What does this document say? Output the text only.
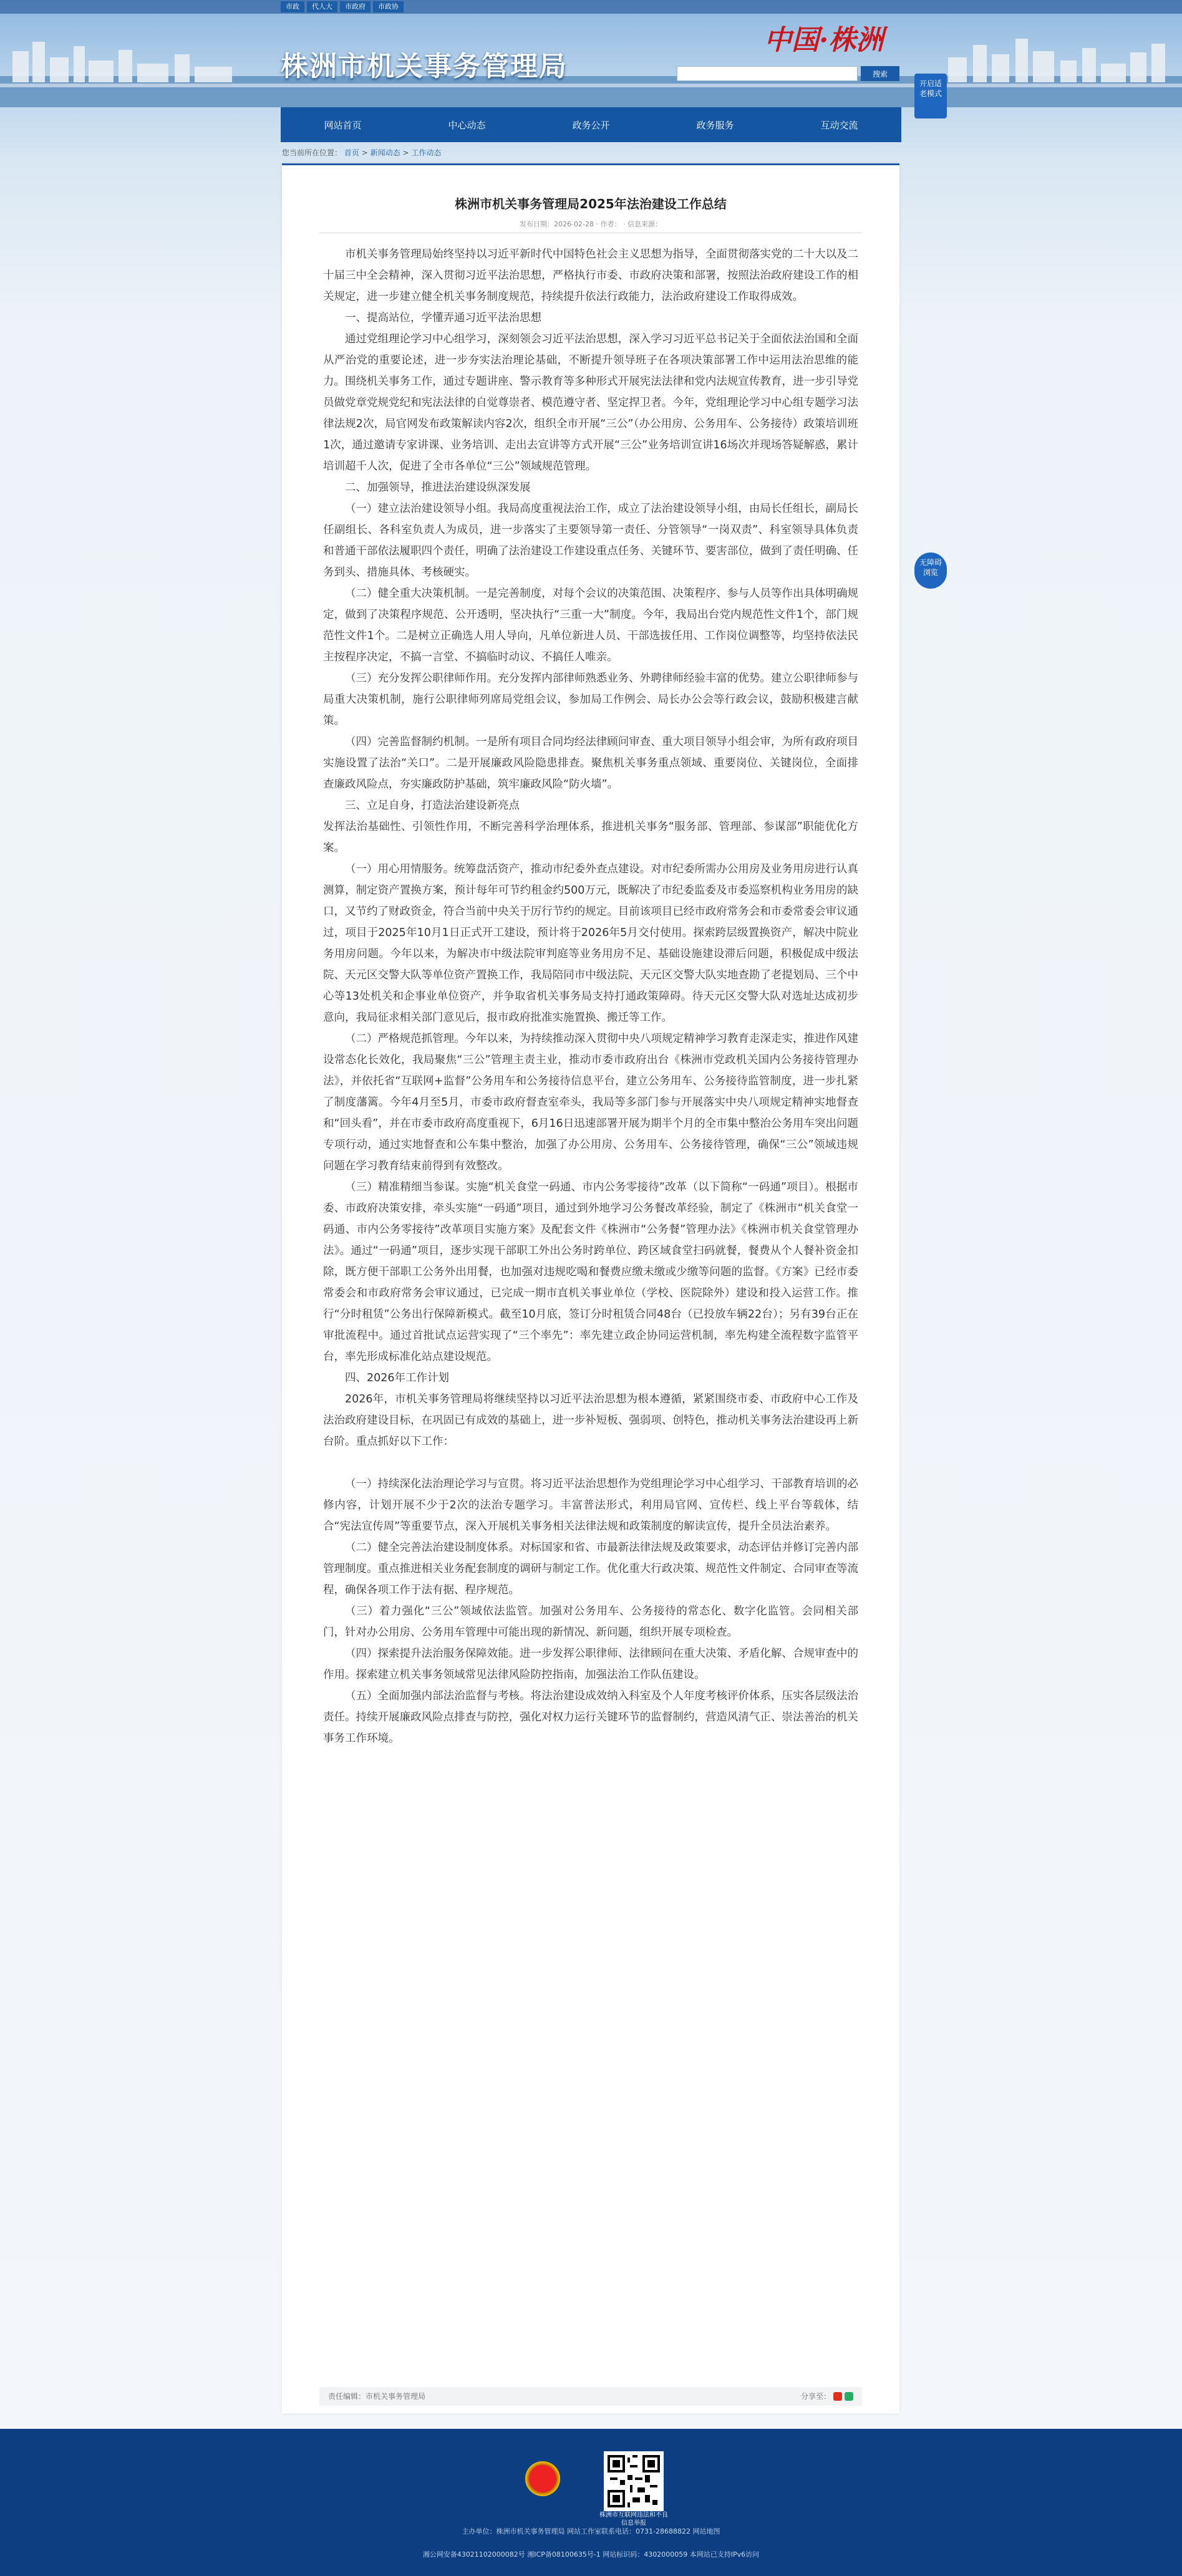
市政	代人大	市政府	市政协
株洲市机关事务管理局
中国·株洲
搜索
网站首页	中心动态	政务公开	政务服务	互动交流
开启适老模式
无障碍浏览
您当前所在位置： 首页 > 新闻动态 > 工作动态
株洲市机关事务管理局2025年法治建设工作总结
发布日期：2026-02-28 · 作者： · 信息来源：

市机关事务管理局始终坚持以习近平新时代中国特色社会主义思想为指导，全面贯彻落实党的二十大以及二十届三中全会精神，深入贯彻习近平法治思想，严格执行市委、市政府决策和部署，按照法治政府建设工作的相关规定，进一步建立健全机关事务制度规范，持续提升依法行政能力，法治政府建设工作取得成效。

一、提高站位，学懂弄通习近平法治思想

通过党组理论学习中心组学习，深刻领会习近平法治思想，深入学习习近平总书记关于全面依法治国和全面从严治党的重要论述，进一步夯实法治理论基础，不断提升领导班子在各项决策部署工作中运用法治思维的能力。围绕机关事务工作，通过专题讲座、警示教育等多种形式开展宪法法律和党内法规宣传教育，进一步引导党员做党章党规党纪和宪法法律的自觉尊崇者、模范遵守者、坚定捍卫者。今年，党组理论学习中心组专题学习法律法规2次，局官网发布政策解读内容2次，组织全市开展“三公”（办公用房、公务用车、公务接待）政策培训班1次，通过邀请专家讲课、业务培训、走出去宣讲等方式开展“三公”业务培训宣讲16场次并现场答疑解惑，累计培训超千人次，促进了全市各单位“三公”领域规范管理。

二、加强领导，推进法治建设纵深发展

（一）建立法治建设领导小组。我局高度重视法治工作，成立了法治建设领导小组，由局长任组长，副局长任副组长、各科室负责人为成员，进一步落实了主要领导第一责任、分管领导“一岗双责”、科室领导具体负责和普通干部依法履职四个责任，明确了法治建设工作建设重点任务、关键环节、要害部位，做到了责任明确、任务到头、措施具体、考核硬实。

（二）健全重大决策机制。一是完善制度，对每个会议的决策范围、决策程序、参与人员等作出具体明确规定，做到了决策程序规范、公开透明，坚决执行“三重一大”制度。今年，我局出台党内规范性文件1个，部门规范性文件1个。二是树立正确选人用人导向，凡单位新进人员、干部选拔任用、工作岗位调整等，均坚持依法民主按程序决定，不搞一言堂、不搞临时动议、不搞任人唯亲。

（三）充分发挥公职律师作用。充分发挥内部律师熟悉业务、外聘律师经验丰富的优势。建立公职律师参与局重大决策机制，施行公职律师列席局党组会议，参加局工作例会、局长办公会等行政会议，鼓励积极建言献策。

（四）完善监督制约机制。一是所有项目合同均经法律顾问审查、重大项目领导小组会审，为所有政府项目实施设置了法治“关口”。二是开展廉政风险隐患排查。聚焦机关事务重点领域、重要岗位、关键岗位，全面排查廉政风险点，夯实廉政防护基础，筑牢廉政风险“防火墙”。

三、立足自身，打造法治建设新亮点

发挥法治基础性、引领性作用，不断完善科学治理体系，推进机关事务“服务部、管理部、参谋部”职能优化方案。

（一）用心用情服务。统筹盘活资产，推动市纪委外查点建设。对市纪委所需办公用房及业务用房进行认真测算，制定资产置换方案，预计每年可节约租金约500万元，既解决了市纪委监委及市委巡察机构业务用房的缺口，又节约了财政资金，符合当前中央关于厉行节约的规定。目前该项目已经市政府常务会和市委常委会审议通过，项目于2025年10月1日正式开工建设，预计将于2026年5月交付使用。探索跨层级置换资产，解决中院业务用房问题。今年以来，为解决市中级法院审判庭等业务用房不足、基础设施建设滞后问题，积极促成中级法院、天元区交警大队等单位资产置换工作，我局陪同市中级法院、天元区交警大队实地查勘了老提划局、三个中心等13处机关和企事业单位资产，并争取省机关事务局支持打通政策障碍。待天元区交警大队对选址达成初步意向，我局征求相关部门意见后，报市政府批准实施置换、搬迁等工作。

（二）严格规范抓管理。今年以来，为持续推动深入贯彻中央八项规定精神学习教育走深走实，推进作风建设常态化长效化，我局聚焦“三公”管理主责主业，推动市委市政府出台《株洲市党政机关国内公务接待管理办法》，并依托省“互联网+监督”公务用车和公务接待信息平台，建立公务用车、公务接待监管制度，进一步扎紧了制度藩篱。今年4月至5月，市委市政府督查室牵头，我局等多部门参与开展落实中央八项规定精神实地督查和“回头看”，并在市委市政府高度重视下，6月16日迅速部署开展为期半个月的全市集中整治公务用车突出问题专项行动，通过实地督查和公车集中整治，加强了办公用房、公务用车、公务接待管理，确保“三公”领域违规问题在学习教育结束前得到有效整改。

（三）精准精细当参谋。实施“机关食堂一码通、市内公务零接待”改革（以下简称“一码通”项目）。根据市委、市政府决策安排，牵头实施“一码通”项目，通过到外地学习公务餐改革经验，制定了《株洲市“机关食堂一码通、市内公务零接待”改革项目实施方案》及配套文件《株洲市“公务餐”管理办法》《株洲市机关食堂管理办法》。通过“一码通”项目，逐步实现干部职工外出公务时跨单位、跨区域食堂扫码就餐，餐费从个人餐补资金扣除，既方便干部职工公务外出用餐，也加强对违规吃喝和餐费应缴未缴或少缴等问题的监督。《方案》已经市委常委会和市政府常务会审议通过，已完成一期市直机关事业单位（学校、医院除外）建设和投入运营工作。推行“分时租赁”公务出行保障新模式。截至10月底，签订分时租赁合同48台（已投放车辆22台）；另有39台正在审批流程中。通过首批试点运营实现了“三个率先”：率先建立政企协同运营机制，率先构建全流程数字监管平台，率先形成标准化站点建设规范。

四、2026年工作计划

2026年，市机关事务管理局将继续坚持以习近平法治思想为根本遵循，紧紧围绕市委、市政府中心工作及法治政府建设目标，在巩固已有成效的基础上，进一步补短板、强弱项、创特色，推动机关事务法治建设再上新台阶。重点抓好以下工作：

（一）持续深化法治理论学习与宣贯。将习近平法治思想作为党组理论学习中心组学习、干部教育培训的必修内容，计划开展不少于2次的法治专题学习。丰富普法形式，利用局官网、宣传栏、线上平台等载体，结合“宪法宣传周”等重要节点，深入开展机关事务相关法律法规和政策制度的解读宣传，提升全员法治素养。

（二）健全完善法治建设制度体系。对标国家和省、市最新法律法规及政策要求，动态评估并修订完善内部管理制度。重点推进相关业务配套制度的调研与制定工作。优化重大行政决策、规范性文件制定、合同审查等流程，确保各项工作于法有据、程序规范。

（三）着力强化“三公”领域依法监管。加强对公务用车、公务接待的常态化、数字化监管。会同相关部门，针对办公用房、公务用车管理中可能出现的新情况、新问题，组织开展专项检查。

（四）探索提升法治服务保障效能。进一步发挥公职律师、法律顾问在重大决策、矛盾化解、合规审查中的作用。探索建立机关事务领域常见法律风险防控指南，加强法治工作队伍建设。

（五）全面加强内部法治监督与考核。将法治建设成效纳入科室及个人年度考核评价体系，压实各层级法治责任。持续开展廉政风险点排查与防控，强化对权力运行关键环节的监督制约，营造风清气正、崇法善治的机关事务工作环境。

责任编辑：市机关事务管理局	分享至：
株洲市互联网违法和不良信息举报
主办单位：株洲市机关事务管理局 网站工作室联系电话：0731-28688822 网站地图
湘公网安备43021102000082号 湘ICP备08100635号-1 网站标识码：4302000059 本网站已支持IPv6访问
